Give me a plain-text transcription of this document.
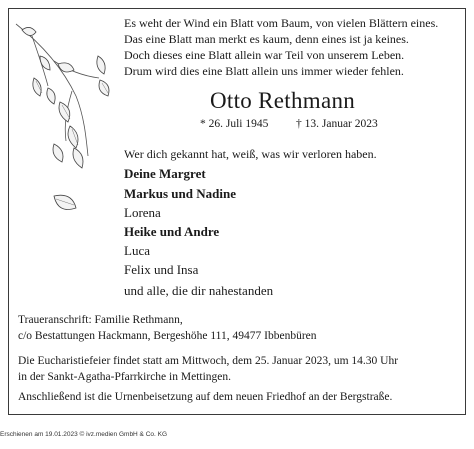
Es weht der Wind ein Blatt vom Baum, von vielen Blättern eines.
Das eine Blatt man merkt es kaum, denn eines ist ja keines.
Doch dieses eine Blatt allein war Teil von unserem Leben.
Drum wird dies eine Blatt allein uns immer wieder fehlen.
Otto Rethmann
* 26. Juli 1945 † 13. Januar 2023
Wer dich gekannt hat, weiß, was wir verloren haben.
Deine Margret
Markus und Nadine
Lorena
Heike und Andre
Luca
Felix und Insa
und alle, die dir nahestanden
Traueranschrift: Familie Rethmann,
c/o Bestattungen Hackmann, Bergeshöhe 111, 49477 Ibbenbüren
Die Eucharistiefeier findet statt am Mittwoch, dem 25. Januar 2023, um 14.30 Uhr
in der Sankt-Agatha-Pfarrkirche in Mettingen.
Anschließend ist die Urnenbeisetzung auf dem neuen Friedhof an der Bergstraße.
Erschienen am 19.01.2023 © ivz.medien GmbH & Co. KG
